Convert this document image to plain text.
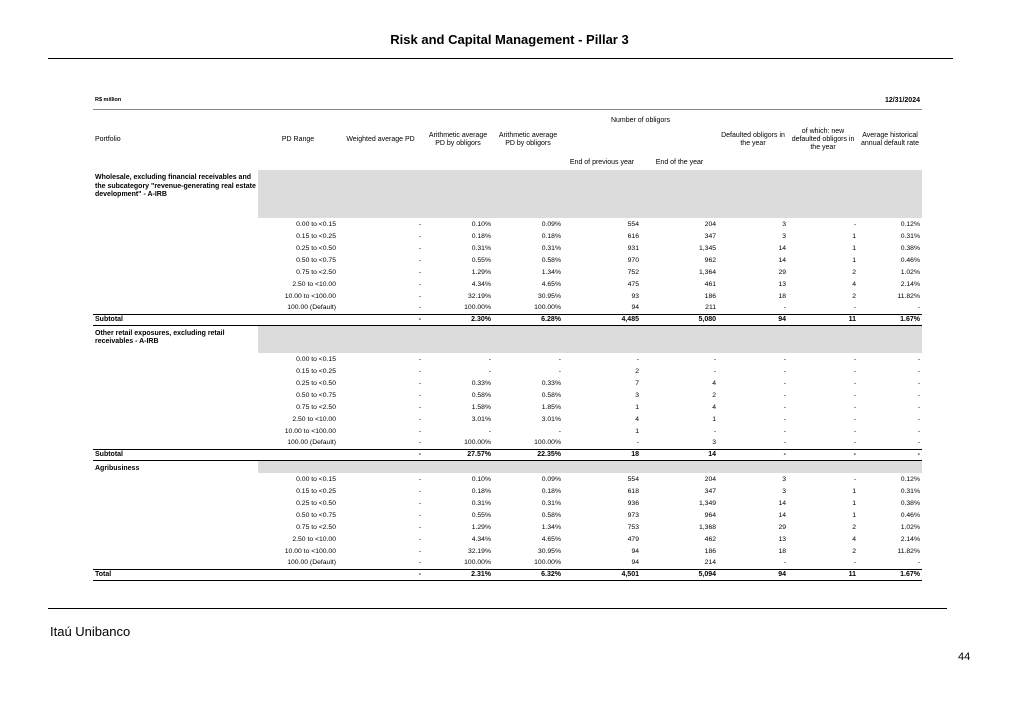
Risk and Capital Management - Pillar 3
R$ million	12/31/2024
Portfolio	PD Range	Weighted average PD	Arithmetic average PD by obligors	Arithmetic average PD by obligors	Number of obligors		Defaulted obligors in the year	of which: new defaulted obligors in the year	Average historical annual default rate
					End of previous year	End of the year			
Wholesale, excluding financial receivables and the subcategory "revenue-generating real estate development" - A-IRB									
	0.00 to <0.15	-	0.10%	0.09%	554	204	3	-	0.12%
	0.15 to <0.25	-	0.18%	0.18%	616	347	3	1	0.31%
	0.25 to <0.50	-	0.31%	0.31%	931	1,345	14	1	0.38%
	0.50 to <0.75	-	0.55%	0.58%	970	962	14	1	0.46%
	0.75 to <2.50	-	1.29%	1.34%	752	1,364	29	2	1.02%
	2.50 to <10.00	-	4.34%	4.65%	475	461	13	4	2.14%
	10.00 to <100.00	-	32.19%	30.95%	93	186	18	2	11.82%
	100.00 (Default)	-	100.00%	100.00%	94	211	-	-	-
Subtotal		-	2.30%	6.28%	4,485	5,080	94	11	1.67%
Other retail exposures, excluding retail receivables - A-IRB									
	0.00 to <0.15	-	-	-	-	-	-	-	-
	0.15 to <0.25	-	-	-	2	-	-	-	-
	0.25 to <0.50	-	0.33%	0.33%	7	4	-	-	-
	0.50 to <0.75	-	0.58%	0.58%	3	2	-	-	-
	0.75 to <2.50	-	1.58%	1.85%	1	4	-	-	-
	2.50 to <10.00	-	3.01%	3.01%	4	1	-	-	-
	10.00 to <100.00	-	-	-	1	-	-	-	-
	100.00 (Default)	-	100.00%	100.00%	-	3	-	-	-
Subtotal		-	27.57%	22.35%	18	14	-	-	-
Agribusiness									
	0.00 to <0.15	-	0.10%	0.09%	554	204	3	-	0.12%
	0.15 to <0.25	-	0.18%	0.18%	618	347	3	1	0.31%
	0.25 to <0.50	-	0.31%	0.31%	936	1,349	14	1	0.38%
	0.50 to <0.75	-	0.55%	0.58%	973	964	14	1	0.46%
	0.75 to <2.50	-	1.29%	1.34%	753	1,368	29	2	1.02%
	2.50 to <10.00	-	4.34%	4.65%	479	462	13	4	2.14%
	10.00 to <100.00	-	32.19%	30.95%	94	186	18	2	11.82%
	100.00 (Default)	-	100.00%	100.00%	94	214	-	-	-
Total		-	2.31%	6.32%	4,501	5,094	94	11	1.67%
Itaú Unibanco
44
